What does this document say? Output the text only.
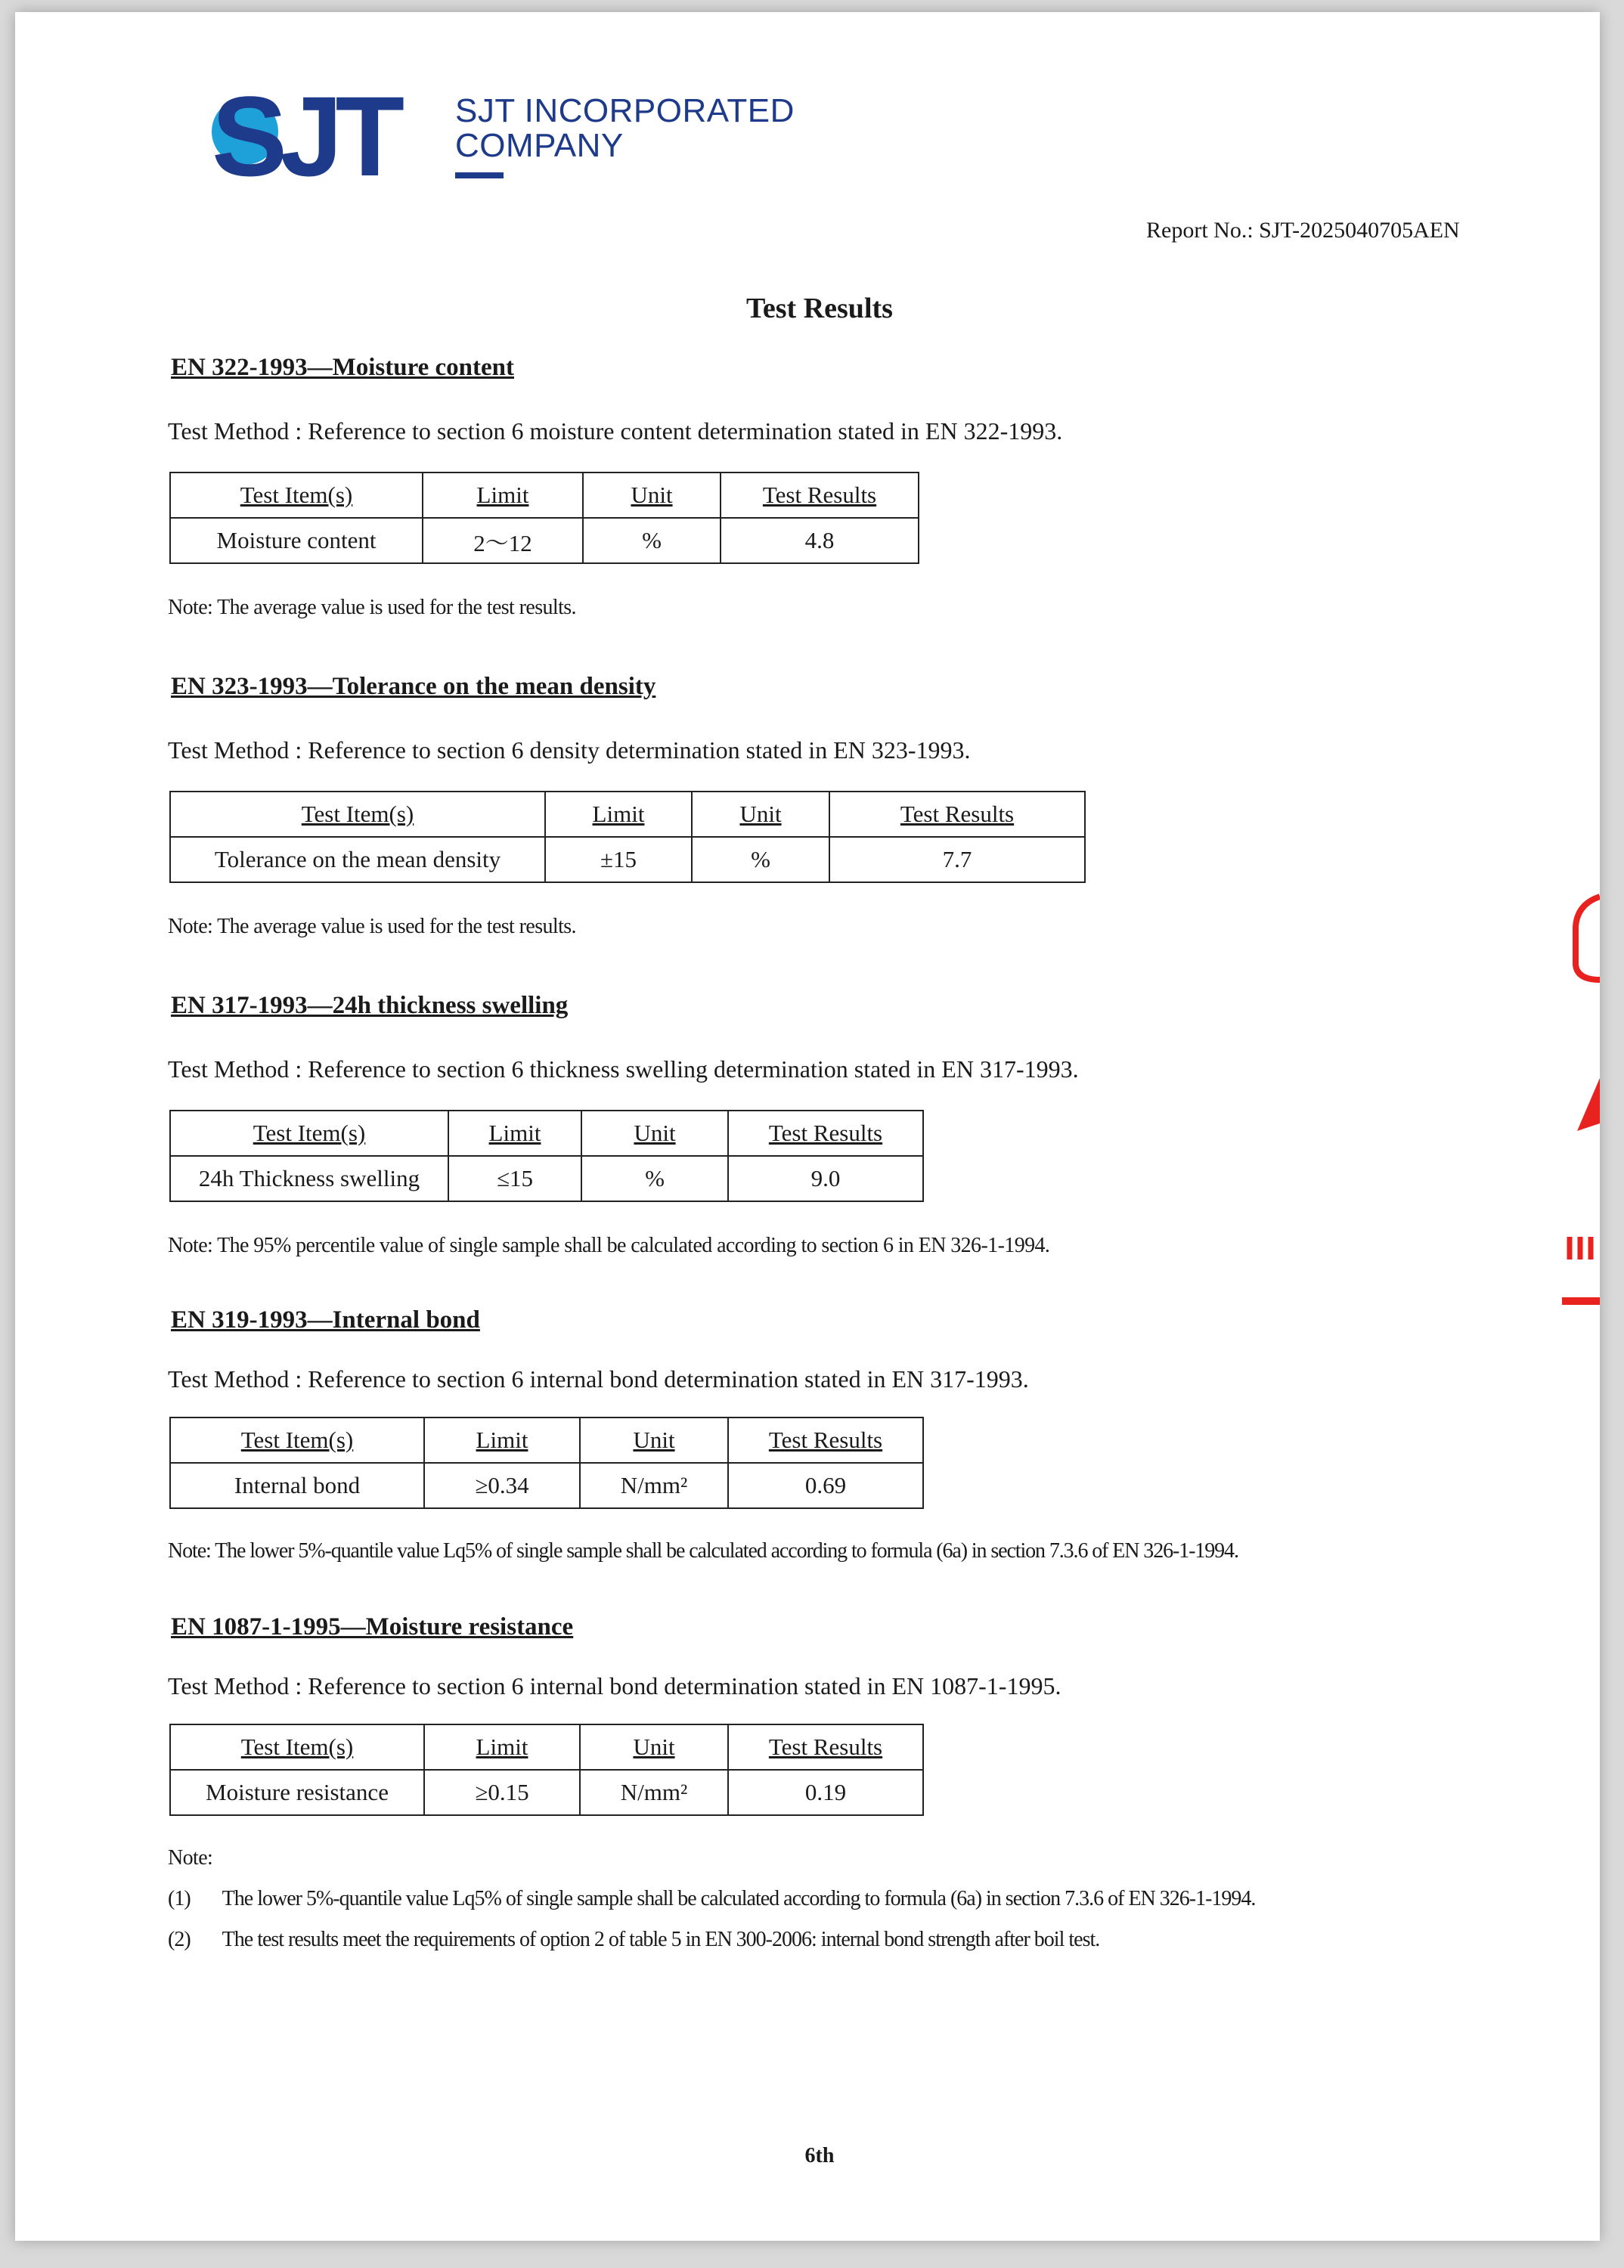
SJT SJT INCORPORATED
COMPANY
Report No.: SJT-2025040705AEN
Test Results
EN 322-1993—Moisture content
Test Method : Reference to section 6 moisture content determination stated in EN 322-1993.
Test Item(s)	Limit	Unit	Test Results
Moisture content	2～12	%	4.8
Note: The average value is used for the test results.
EN 323-1993—Tolerance on the mean density
Test Method : Reference to section 6 density determination stated in EN 323-1993.
Test Item(s)	Limit	Unit	Test Results
Tolerance on the mean density	±15	%	7.7
Note: The average value is used for the test results.
EN 317-1993—24h thickness swelling
Test Method : Reference to section 6 thickness swelling determination stated in EN 317-1993.
Test Item(s)	Limit	Unit	Test Results
24h Thickness swelling	≤15	%	9.0
Note: The 95% percentile value of single sample shall be calculated according to section 6 in EN 326-1-1994.
EN 319-1993—Internal bond
Test Method : Reference to section 6 internal bond determination stated in EN 317-1993.
Test Item(s)	Limit	Unit	Test Results
Internal bond	≥0.34	N/mm²	0.69
Note: The lower 5%-quantile value Lq5% of single sample shall be calculated according to formula (6a) in section 7.3.6 of EN 326-1-1994.
EN 1087-1-1995—Moisture resistance
Test Method : Reference to section 6 internal bond determination stated in EN 1087-1-1995.
Test Item(s)	Limit	Unit	Test Results
Moisture resistance	≥0.15	N/mm²	0.19
Note:
(1) The lower 5%-quantile value Lq5% of single sample shall be calculated according to formula (6a) in section 7.3.6 of EN 326-1-1994.
(2) The test results meet the requirements of option 2 of table 5 in EN 300-2006: internal bond strength after boil test.
6th
